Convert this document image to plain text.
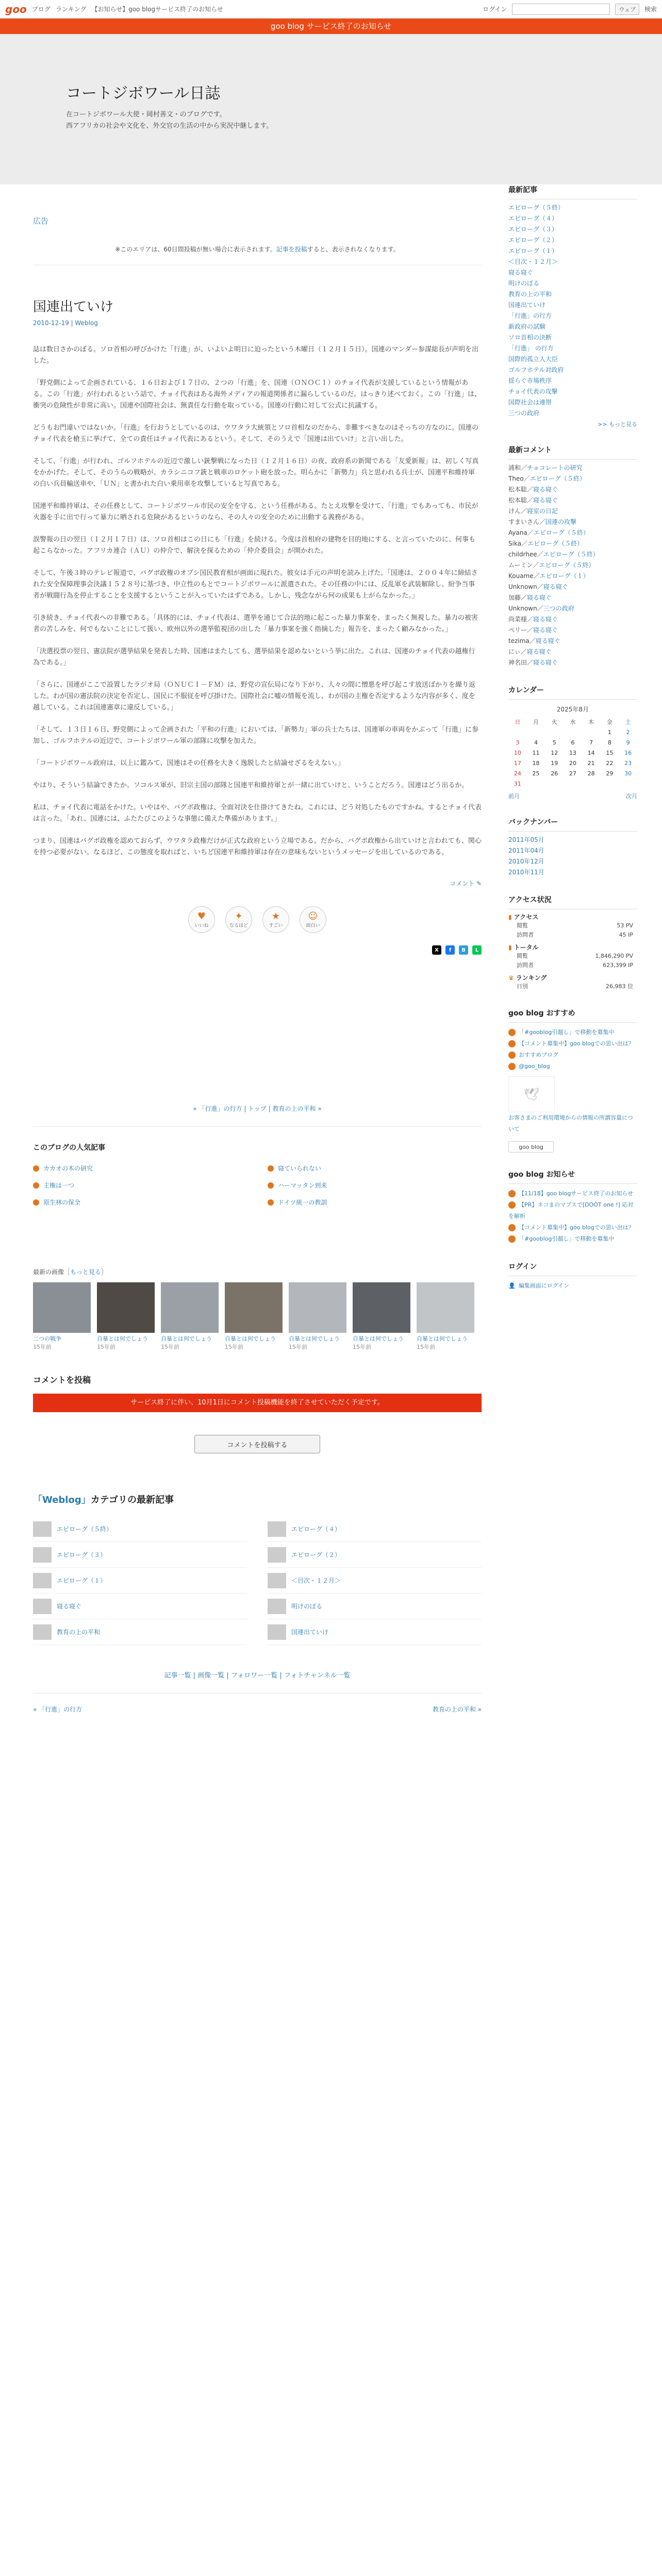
goo ブログ ランキング 【お知らせ】goo blogサービス終了のお知らせ	ログイン	ウェブ	検索
goo blog サービス終了のお知らせ
コートジボワール日誌
在コートジボワール大使・岡村善文・のブログです。
西アフリカの社会や文化を、外交官の生活の中から実況中継します。
広告
※このエリアは、60日間投稿が無い場合に表示されます。記事を投稿すると、表示されなくなります。
国連出ていけ
2010-12-19 | Weblog

誌は数日さかのぼる。ソロ首相の呼びかけた「行進」が、いよいよ明日に迫ったという木曜日（１２月１５日）。国連のマンダー参謀総長が声明を出した。

「野党側によって企画されている、１６日および１７日の、２つの「行進」を、国連（ＯＮＯＣＩ）のチョイ代表が支援しているという情報がある。この「行進」が行われるという話で、チョイ代表はある海外メディアの報道関係者に漏らしているのだ。はっきり述べておく。この「行進」は、衝突の危険性が非常に高い。国連や国際社会は、無責任な行動を取っている。国連の行動に対して公式に抗議する。

どうもお門違いではないか。「行進」を行おうとしているのは、ウワタラ大統領とソロ首相なのだから、非難すべきなのはそっちの方なのに。国連のチョイ代表を槍玉に挙げて、全ての責任はチョイ代表にあるという。そして、そのうえで「国連は出ていけ」と言い出した。

そして、「行進」が行われ、ゴルフホテルの近辺で激しい銃撃戦になった日（１２月１６日）の夜、政府系の新聞である「友愛新報」は、初しく写真をかかげた。そして、そのうらの戦略が、カラシニコフ銃と戦車のロケット砲を放った。明らかに「新勢力」兵と思われる兵士が、国連平和維持軍の白い兵員輸送車や、「ＵＮ」と書かれた白い乗用車を攻撃していると写真である。

国連平和維持軍は、その任務として、コートジボワール市民の安全を守る、という任務がある。たとえ攻撃を受けて、「行進」でもあっても、市民が火器を手に出で行って暴力に晒される危険があるというのなら、その人々の安全のために出動する義務がある。

誤警報の日の翌日（１２月１７日）は、ソロ首相はこの日にも「行進」を続ける。今度は首相府の建物を目的地にする、と言っていたのに、何事も起こらなかった。アフリカ連合（ＡＵ）の仲介で、解決を探るための「仲介委員会」が開かれた。

そして、午後３時のテレビ報道で、バグボ政権のオブシ国民教育相が画面に現れた。彼女は手元の声明を読み上げた。「国連は、２００４年に締結された安全保障理事会決議１５２８号に基づき、中立性のもとでコートジボワールに派遣された。その任務の中には、反乱軍を武装解除し、紛争当事者が戦闘行為を停止することを支援するということが入っていたはずである。しかし、残念ながら何の成果も上がらなかった。」

引き続き、チョイ代表への非難である。「具体的には、チョイ代表は、選挙を通じて合法的地に起こった暴力事案を、まったく無視した。暴力の被害者の苦しみを、何でもないことにして扱い、欧州以外の選挙監視団の出した「暴力事案を強く指摘した」報告を、まったく顧みなかった。」

「決選投票の翌日、憲法院が選挙結果を発表した時、国連はまたしても、選挙結果を認めないという挙に出た。これは、国連のチョイ代表の越権行為である。」

「さらに、国連がここで設置したラジオ局（ＯＮＵＣＩ－ＦＭ）は、野党の宣伝局になり下がり、人々の間に憎悪を呼び起こす放送ばかりを繰り返した。わが国の憲法院の決定を否定し、国民に不服従を呼び掛けた。国際社会に嘘の情報を流し、わが国の主権を否定するような内容が多く、度を越している。これは国連憲章に違反している。」

「そして、１３日１６日、野党側によって企画された「平和の行進」においては、「新勢力」軍の兵士たちは、国連軍の車両をかぶって「行進」に参加し、ゴルフホテルの近辺で、コートジボワール軍の部隊に攻撃を加えた。

「コートジボワール政府は、以上に鑑みて、国連はその任務を大きく逸脱したと結論せざるをえない。」

やはり、そういう結論できたか。ソコルス軍が、旧宗主国の部隊と国連平和維持軍とが一緒に出ていけと、いうことだろう。国連はどう出るか。

私は、チョイ代表に電話をかけた。いやはや、バグボ政権は、全面対決を仕掛けてきたね。これには、どう対処したものですかね。するとチョイ代表は言った。「あれ、国連には、ふたたびこのような事態に備えた準備があります。」

つまり、国連はバグボ政権を認めておらず、ウワタラ政権だけが正式な政府という立場である。だから、バグボ政権から出ていけと言われても、関心を持つ必要がない。なるほど、この態度を取ればと、いちど国連平和維持軍は存在の意味もないというメッセージを出しているのである。

コメント ✎
♥
いいね
✦
なるほど
★
すごい
☺
面白い
X	f	B	L
« 「行進」の行方 | トップ | 教育の上の平和 »
このブログの人気記事
カカオの木の研究	寝ていられない
主権は一つ	ハーマッタン到来
原生林の保全	ドイツ統一の教訓
最新の画像［もっと見る］
二つの戦争
15年前
自暴とは何でしょう
15年前
自暴とは何でしょう
15年前
自暴とは何でしょう
15年前
自暴とは何でしょう
15年前
自暴とは何でしょう
15年前
自暴とは何でしょう
15年前
コメントを投稿
サービス終了に伴い、10月1日にコメント投稿機能を終了させていただく予定です。
コメントを投稿する
「Weblog」カテゴリの最新記事
エピローグ（５終）	エピローグ（４）
エピローグ（３）	エピローグ（２）
エピローグ（１）	＜目次・１２月＞
寝る寝ぐ	明けのぼる
教育の上の平和	国連出ていけ
記事一覧 | 画像一覧 | フォロワー一覧 | フォトチャンネル一覧
« 「行進」の行方	教育の上の平和 »
最新記事
エピローグ（５終）
エピローグ（４）
エピローグ（３）
エピローグ（２）
エピローグ（１）
＜目次・１２月＞
寝る寝ぐ
明けのぼる
教育の上の平和
国連出ていけ
「行進」の行方
新政府の試験
ソロ首相の決断
「行進」 の行方
国際的孤立人大臣
ゴルフホテル対政府
揺らぐ市場秩序
チョイ代表の攻撃
国際社会は連帯
三つの政府
>> もっと見る
最新コメント
浦和／チョコレートの研究
Theo／エピローグ（５終）
松本聡／寝る寝ぐ
松本聡／寝る寝ぐ
けん／寝室の日記
すまいさん／国連の攻撃
Ayana／エピローグ（５終）
Sika／エピローグ（５終）
childrhee／エピローグ（５終）
ムーミン／エピローグ（５終）
Kouame／エピローグ（１）
Unknown／寝る寝ぐ
加藤／寝る寝ぐ
Unknown／三つの政府
尚菜様／寝る寝ぐ
ペリー／寝る寝ぐ
tezima／寝る寝ぐ
にぃ／寝る寝ぐ
神名田／寝る寝ぐ
カレンダー
2025年8月
日	月	火	水	木	金	土
					1	2
3	4	5	6	7	8	9
10	11	12	13	14	15	16
17	18	19	20	21	22	23
24	25	26	27	28	29	30
31						
前月	次月
バックナンバー
2011年05月
2011年04月
2010年12月
2010年11月
アクセス状況
▮ アクセス
閲覧	53 PV
訪問者	45 IP
▮ トータル
閲覧	1,846,290 PV
訪問者	623,399 IP
♛ ランキング
日別	26,983 位
goo blog おすすめ
「#gooblog引越し」で移動を募集中
【コメント募集中】goo blogでの思い出は？
おすすめブログ
@goo_blog
🕊
お客さまのご利用環境からの情報の所謂容量について
goo blog
goo blog お知らせ
【11/18】goo blogサービス終了のお知らせ
【PR】ネコまのマプスで[DOOT one !] 応対を解析
【コメント募集中】goo blogでの思い出は？
「#gooblog引越し」で移動を募集中
ログイン
👤 編集画面にログイン
